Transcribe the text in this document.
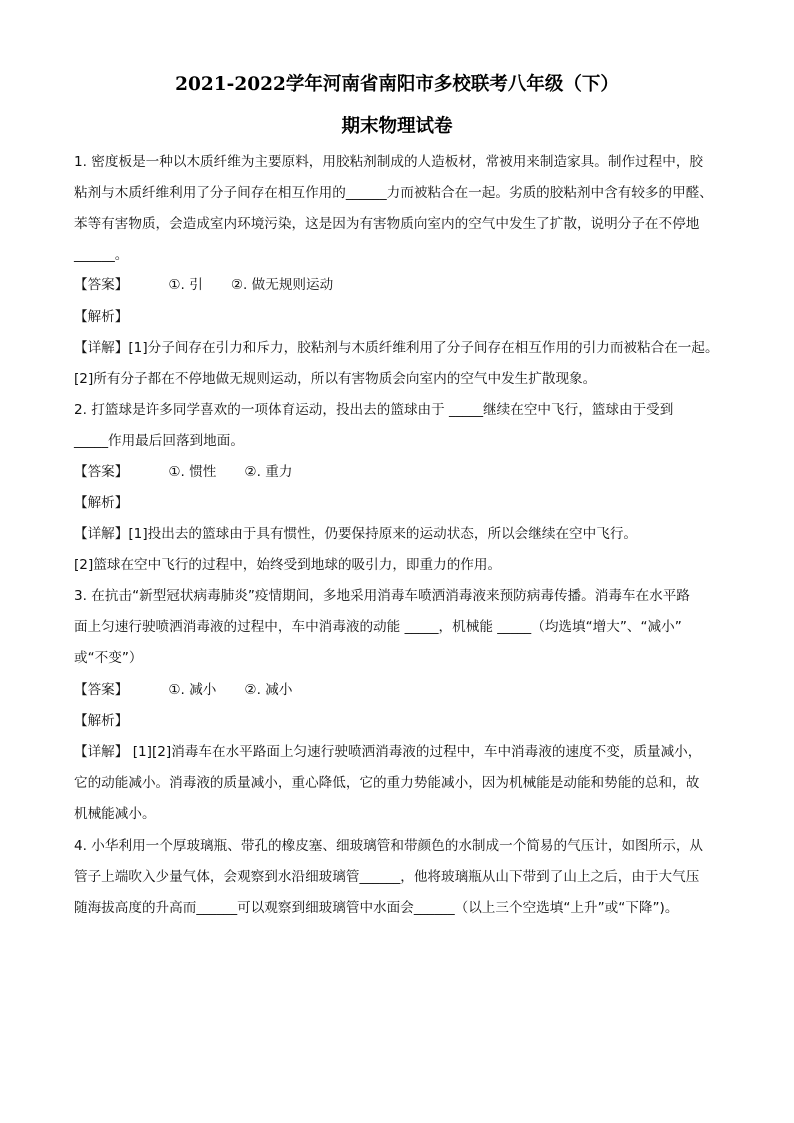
2021-2022学年河南省南阳市多校联考八年级（下）
期末物理试卷
1. 密度板是一种以木质纤维为主要原料，用胶粘剂制成的人造板材，常被用来制造家具。制作过程中，胶
粘剂与木质纤维利用了分子间存在相互作用的______力而被粘合在一起。劣质的胶粘剂中含有较多的甲醛、
苯等有害物质，会造成室内环境污染，这是因为有害物质向室内的空气中发生了扩散，说明分子在不停地
______。
【答案】	①. 引 ②. 做无规则运动
【解析】
【详解】[1]分子间存在引力和斥力，胶粘剂与木质纤维利用了分子间存在相互作用的引力而被粘合在一起。
[2]所有分子都在不停地做无规则运动，所以有害物质会向室内的空气中发生扩散现象。
2. 打篮球是许多同学喜欢的一项体育运动，投出去的篮球由于 _____继续在空中飞行，篮球由于受到
_____作用最后回落到地面。
【答案】	①. 惯性 ②. 重力
【解析】
【详解】[1]投出去的篮球由于具有惯性，仍要保持原来的运动状态，所以会继续在空中飞行。
[2]篮球在空中飞行的过程中，始终受到地球的吸引力，即重力的作用。
3. 在抗击“新型冠状病毒肺炎”疫情期间，多地采用消毒车喷洒消毒液来预防病毒传播。消毒车在水平路
面上匀速行驶喷洒消毒液的过程中，车中消毒液的动能 _____，机械能 _____（均选填“增大”、“减小”
或“不变”）
【答案】	①. 减小 ②. 减小
【解析】
【详解】 [1][2]消毒车在水平路面上匀速行驶喷洒消毒液的过程中，车中消毒液的速度不变，质量减小，
它的动能减小。消毒液的质量减小，重心降低，它的重力势能减小，因为机械能是动能和势能的总和，故
机械能减小。
4. 小华利用一个厚玻璃瓶、带孔的橡皮塞、细玻璃管和带颜色的水制成一个简易的气压计，如图所示，从
管子上端吹入少量气体，会观察到水沿细玻璃管______，他将玻璃瓶从山下带到了山上之后，由于大气压
随海拔高度的升高而______可以观察到细玻璃管中水面会______（以上三个空选填“上升”或“下降”)。
